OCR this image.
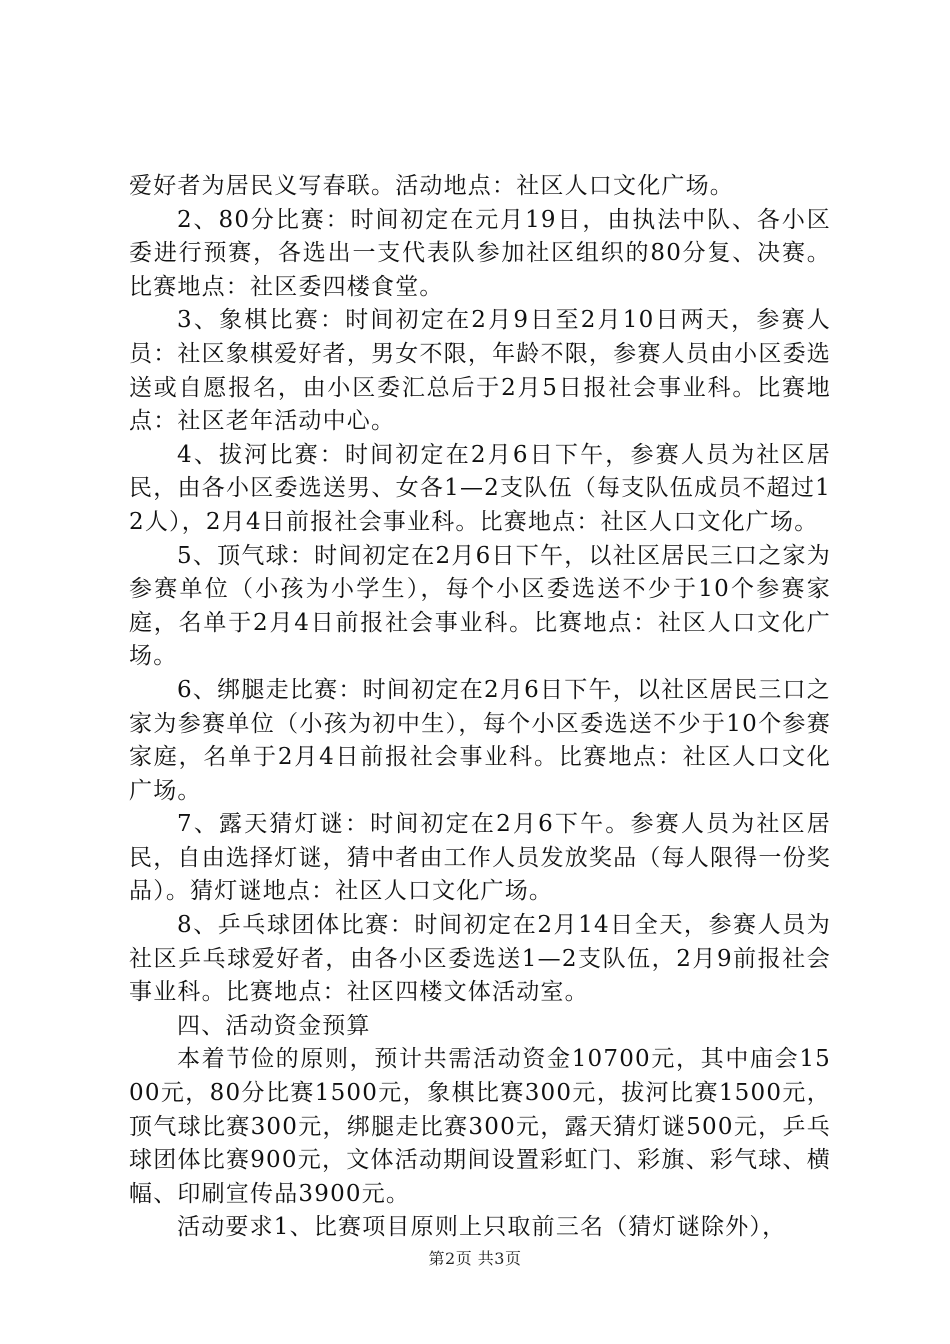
爱好者为居民义写春联。活动地点：社区人口文化广场。

2、80分比赛：时间初定在元月19日，由执法中队、各小区委进行预赛，各选出一支代表队参加社区组织的80分复、决赛。比赛地点：社区委四楼食堂。

3、象棋比赛：时间初定在2月9日至2月10日两天，参赛人员：社区象棋爱好者，男女不限，年龄不限，参赛人员由小区委选送或自愿报名，由小区委汇总后于2月5日报社会事业科。比赛地点：社区老年活动中心。

4、拔河比赛：时间初定在2月6日下午，参赛人员为社区居民，由各小区委选送男、女各1—2支队伍（每支队伍成员不超过12人），2月4日前报社会事业科。比赛地点：社区人口文化广场。

5、顶气球：时间初定在2月6日下午，以社区居民三口之家为参赛单位（小孩为小学生），每个小区委选送不少于10个参赛家庭，名单于2月4日前报社会事业科。比赛地点：社区人口文化广场。

6、绑腿走比赛：时间初定在2月6日下午，以社区居民三口之家为参赛单位（小孩为初中生），每个小区委选送不少于10个参赛家庭，名单于2月4日前报社会事业科。比赛地点：社区人口文化广场。

7、露天猜灯谜：时间初定在2月6下午。参赛人员为社区居民，自由选择灯谜，猜中者由工作人员发放奖品（每人限得一份奖品）。猜灯谜地点：社区人口文化广场。

8、乒乓球团体比赛：时间初定在2月14日全天，参赛人员为社区乒乓球爱好者，由各小区委选送1—2支队伍，2月9前报社会事业科。比赛地点：社区四楼文体活动室。

四、活动资金预算

本着节俭的原则，预计共需活动资金10700元，其中庙会1500元，80分比赛1500元，象棋比赛300元，拔河比赛1500元，顶气球比赛300元，绑腿走比赛300元，露天猜灯谜500元，乒乓球团体比赛900元，文体活动期间设置彩虹门、彩旗、彩气球、横幅、印刷宣传品3900元。

活动要求1、比赛项目原则上只取前三名（猜灯谜除外），

第2页 共3页
